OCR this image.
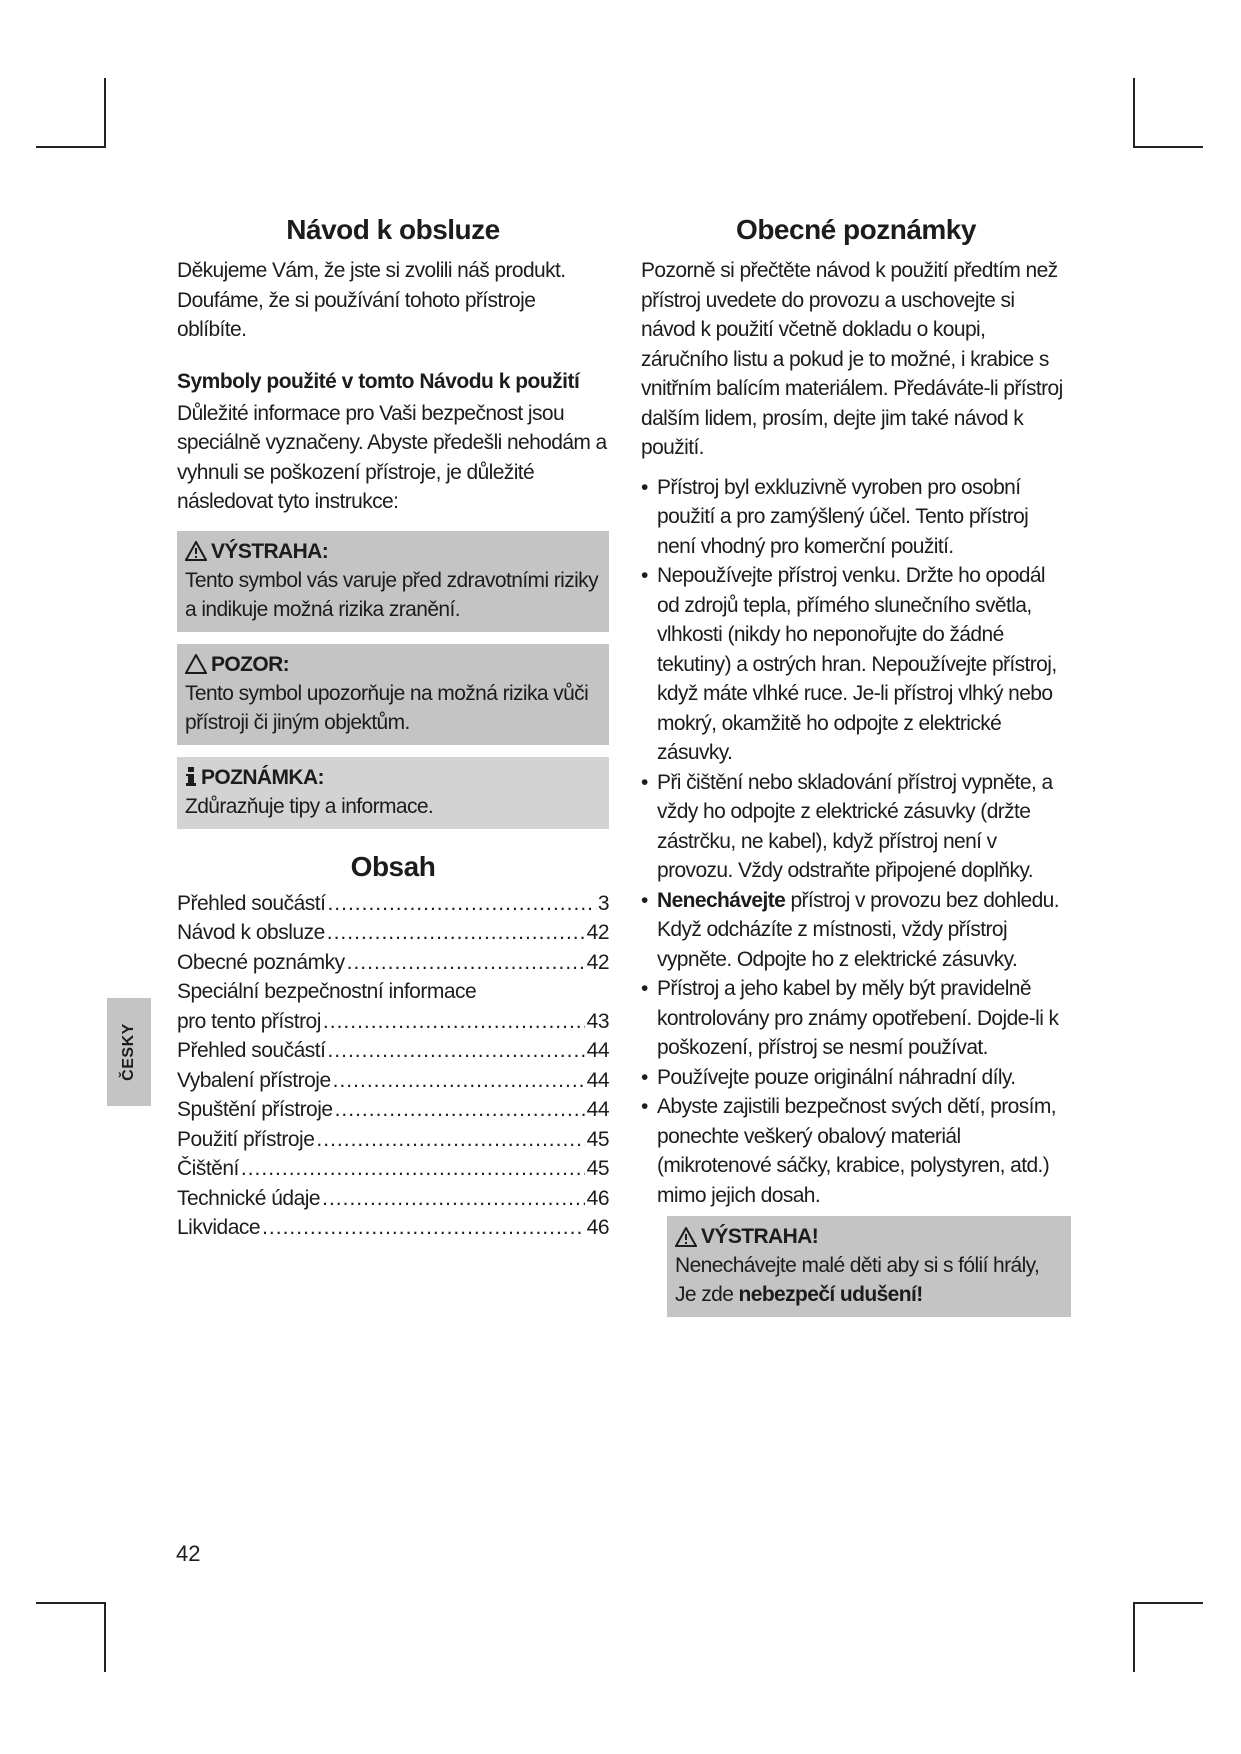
Návod k obsluze

Děkujeme Vám, že jste si zvolili náš produkt. Doufáme, že si používání tohoto přístroje oblíbíte.

Symboly použité v tomto Návodu k použití

Důležité informace pro Vaši bezpečnost jsou speciálně vyznačeny. Abyste předešli nehodám a vyhnuli se poškození přístroje, je důležité následovat tyto instrukce:

VÝSTRAHA:
Tento symbol vás varuje před zdravotními riziky a indikuje možná rizika zranění.
POZOR:
Tento symbol upozorňuje na možná rizika vůči přístroji či jiným objektům.
POZNÁMKA:
Zdůrazňuje tipy a informace.
Obsah
Přehled součástí .....	3
Návod k obsluze .....	42
Obecné poznámky .....	42
Speciální bezpečnostní informace
pro tento přístroj .....	43
Přehled součástí .....	44
Vybalení přístroje .....	44
Spuštění přístroje .....	44
Použití přístroje .....	45
Čištění .....	45
Technické údaje .....	46
Likvidace .....	46
Obecné poznámky

Pozorně si přečtěte návod k použití předtím než přístroj uvedete do provozu a uschovejte si návod k použití včetně dokladu o koupi, záručního listu a pokud je to možné, i krabice s vnitřním balícím materiálem. Předáváte-li přístroj dalším lidem, prosím, dejte jim také návod k použití.

• Přístroj byl exkluzivně vyroben pro osobní použití a pro zamýšlený účel. Tento přístroj není vhodný pro komerční použití.
• Nepoužívejte přístroj venku. Držte ho opodál od zdrojů tepla, přímého slunečního světla, vlhkosti (nikdy ho neponořujte do žádné tekutiny) a ostrých hran. Nepoužívejte přístroj, když máte vlhké ruce. Je-li přístroj vlhký nebo mokrý, okamžitě ho odpojte z elektrické zásuvky.
• Při čištění nebo skladování přístroj vypněte, a vždy ho odpojte z elektrické zásuvky (držte zástrčku, ne kabel), když přístroj není v provozu. Vždy odstraňte připojené doplňky.
• Nenechávejte přístroj v provozu bez dohledu. Když odcházíte z místnosti, vždy přístroj vypněte. Odpojte ho z elektrické zásuvky.
• Přístroj a jeho kabel by měly být pravidelně kontrolovány pro známy opotřebení. Dojde-li k poškození, přístroj se nesmí používat.
• Používejte pouze originální náhradní díly.
• Abyste zajistili bezpečnost svých dětí, prosím, ponechte veškerý obalový materiál (mikrotenové sáčky, krabice, polystyren, atd.) mimo jejich dosah.
VÝSTRAHA!
Nenechávejte malé děti aby si s fólií hrály, Je zde nebezpečí udušení!
ČESKY
42
